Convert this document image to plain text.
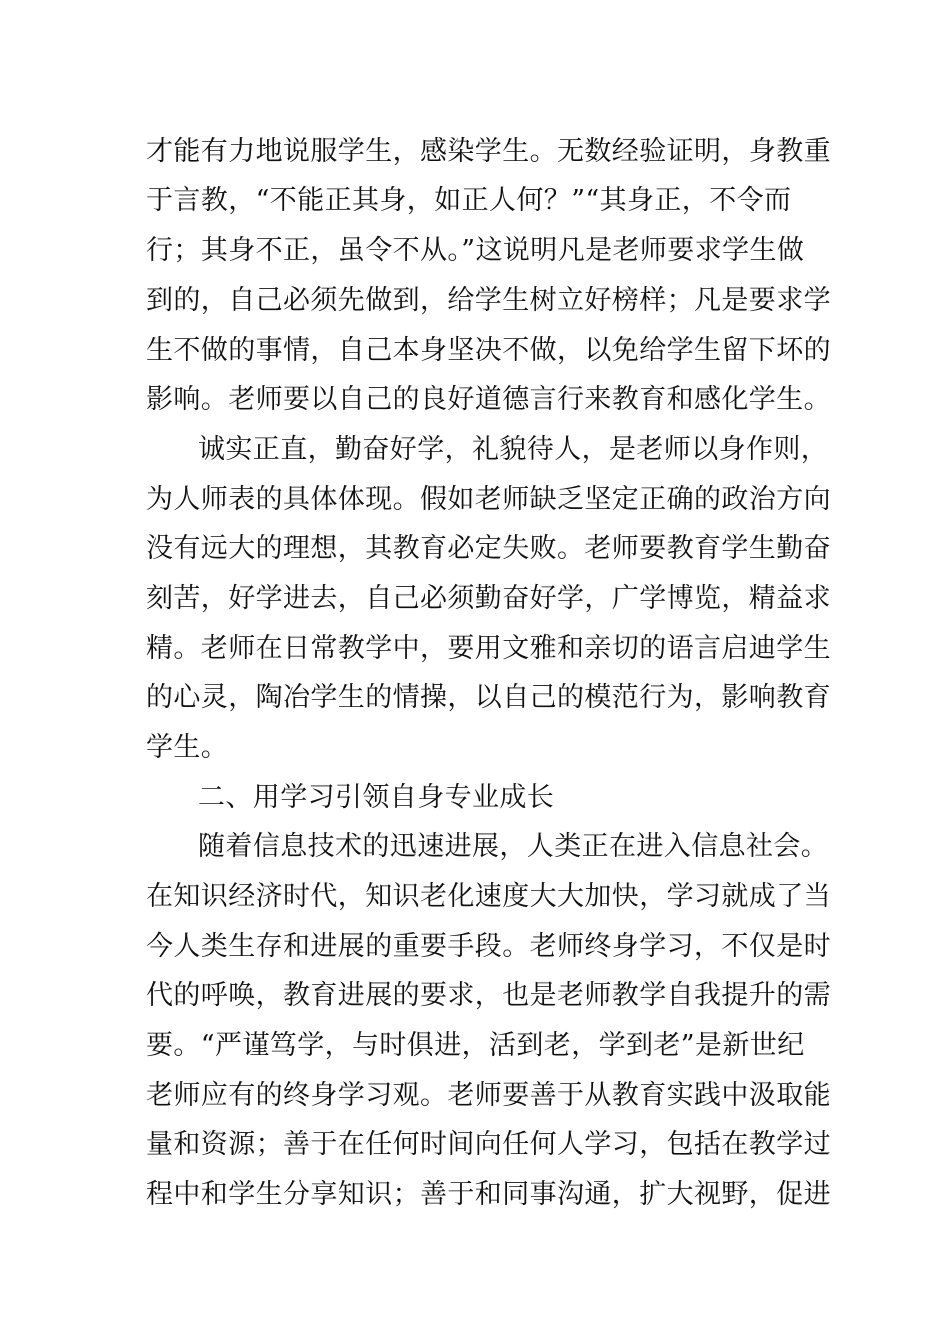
才能有力地说服学生，感染学生。无数经验证明，身教重
于言教，“不能正其身，如正人何？”“其身正，不令而
行；其身不正，虽令不从。”这说明凡是老师要求学生做
到的，自己必须先做到，给学生树立好榜样；凡是要求学
生不做的事情，自己本身坚决不做，以免给学生留下坏的
影响。老师要以自己的良好道德言行来教育和感化学生。
诚实正直，勤奋好学，礼貌待人，是老师以身作则，
为人师表的具体体现。假如老师缺乏坚定正确的政治方向
没有远大的理想，其教育必定失败。老师要教育学生勤奋
刻苦，好学进去，自己必须勤奋好学，广学博览，精益求
精。老师在日常教学中，要用文雅和亲切的语言启迪学生
的心灵，陶冶学生的情操，以自己的模范行为，影响教育
学生。
二、用学习引领自身专业成长
随着信息技术的迅速进展，人类正在进入信息社会。
在知识经济时代，知识老化速度大大加快，学习就成了当
今人类生存和进展的重要手段。老师终身学习，不仅是时
代的呼唤，教育进展的要求，也是老师教学自我提升的需
要。“严谨笃学，与时俱进，活到老，学到老”是新世纪
老师应有的终身学习观。老师要善于从教育实践中汲取能
量和资源；善于在任何时间向任何人学习，包括在教学过
程中和学生分享知识；善于和同事沟通，扩大视野，促进
